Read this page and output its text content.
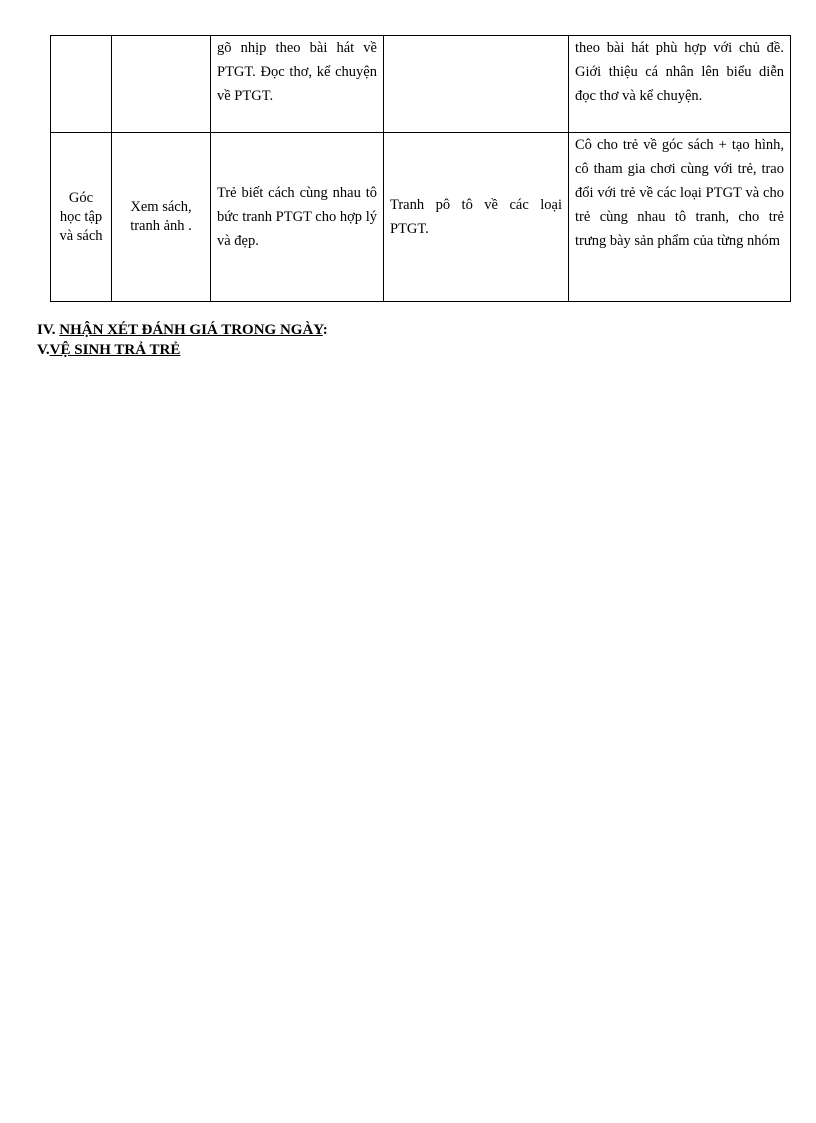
		gõ nhịp theo bài hát về PTGT. Đọc thơ, kể chuyện về PTGT.		theo bài hát phù hợp với chủ đề. Giới thiệu cá nhân lên biểu diễn đọc thơ và kể chuyện.
Góc học tập và sách	Xem sách, tranh ảnh .	Trẻ biết cách cùng nhau tô bức tranh PTGT cho hợp lý và đẹp.	Tranh pô tô về các loại PTGT.	Cô cho trẻ về góc sách + tạo hình, cô tham gia chơi cùng với trẻ, trao đổi với trẻ về các loại PTGT và cho trẻ cùng nhau tô tranh, cho trẻ trưng bày sản phẩm của từng nhóm
IV. NHẬN XÉT ĐÁNH GIÁ TRONG NGÀY:
V.VỆ SINH TRẢ TRẺ
